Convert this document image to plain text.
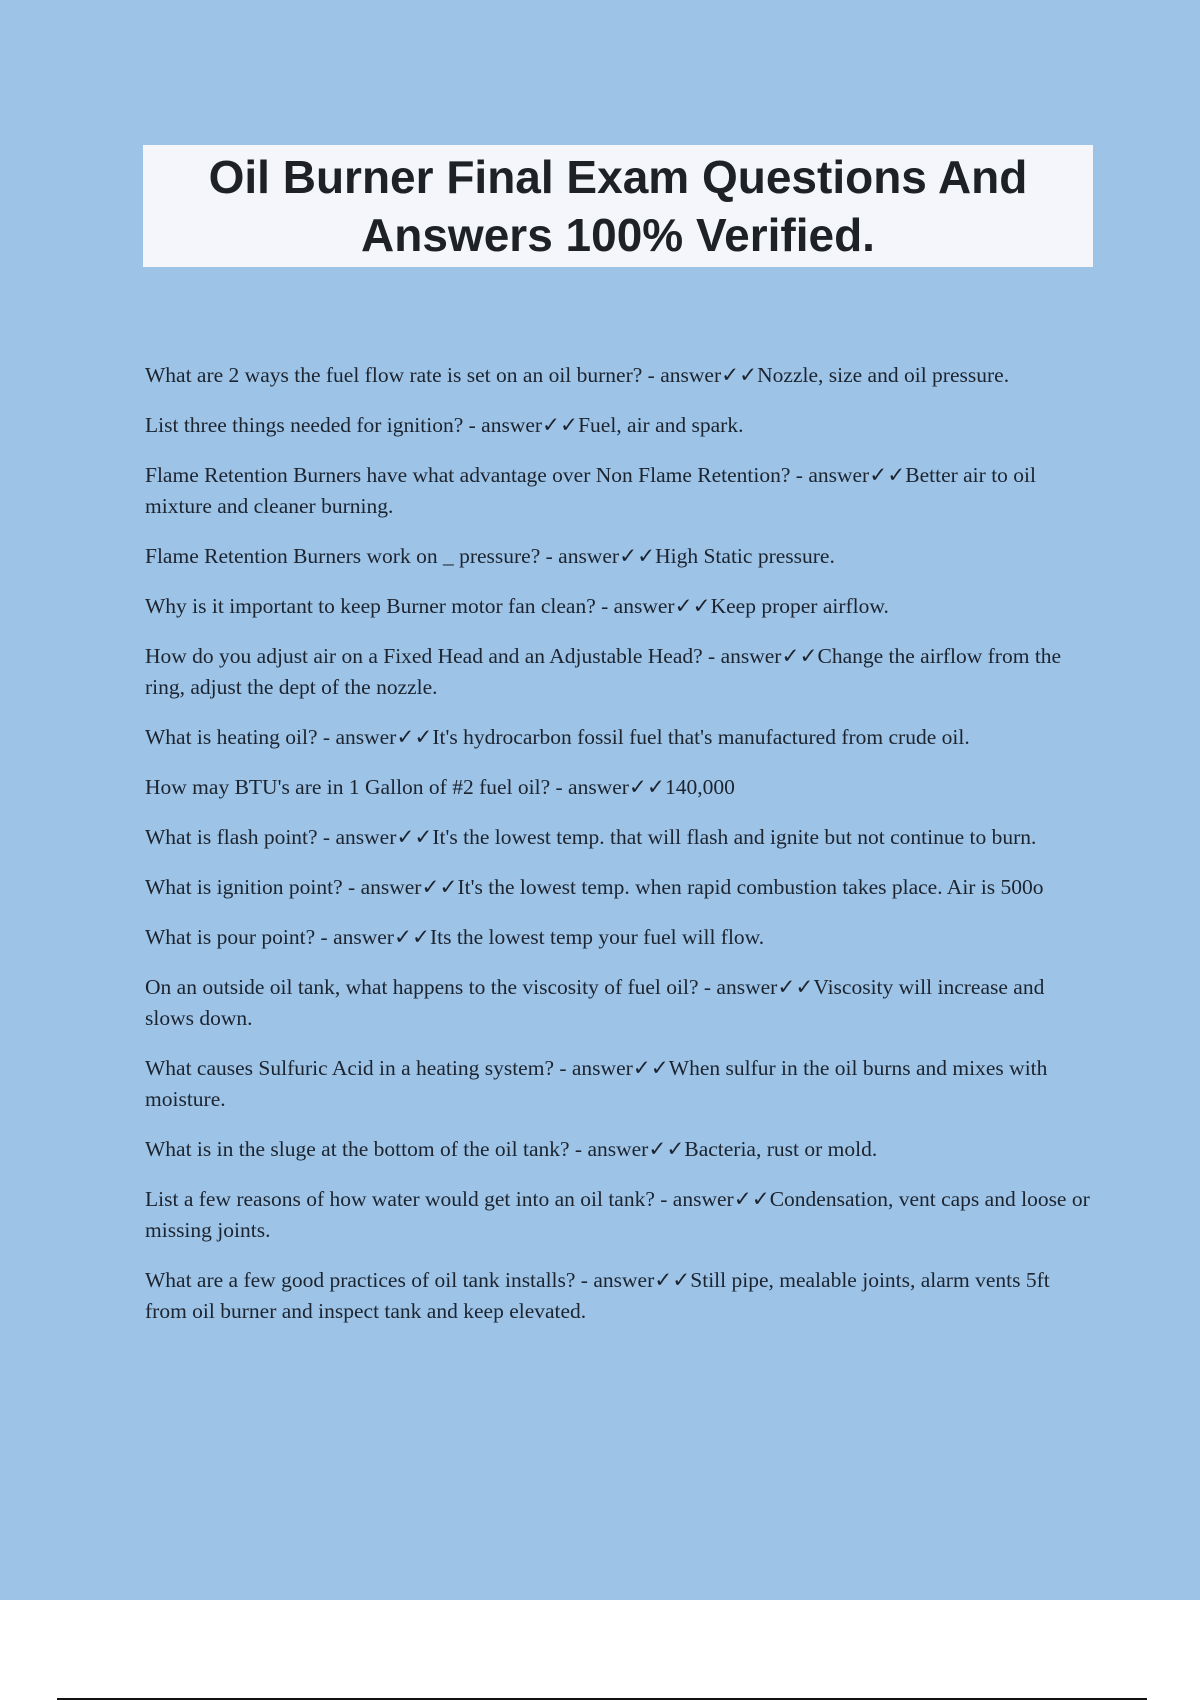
Oil Burner Final Exam Questions And Answers 100% Verified.
What are 2 ways the fuel flow rate is set on an oil burner? - answer✓✓Nozzle, size and oil pressure.
List three things needed for ignition? - answer✓✓Fuel, air and spark.
Flame Retention Burners have what advantage over Non Flame Retention? - answer✓✓Better air to oil mixture and cleaner burning.
Flame Retention Burners work on _ pressure? - answer✓✓High Static pressure.
Why is it important to keep Burner motor fan clean? - answer✓✓Keep proper airflow.
How do you adjust air on a Fixed Head and an Adjustable Head? - answer✓✓Change the airflow from the ring, adjust the dept of the nozzle.
What is heating oil? - answer✓✓It's hydrocarbon fossil fuel that's manufactured from crude oil.
How may BTU's are in 1 Gallon of #2 fuel oil? - answer✓✓140,000
What is flash point? - answer✓✓It's the lowest temp. that will flash and ignite but not continue to burn.
What is ignition point? - answer✓✓It's the lowest temp. when rapid combustion takes place. Air is 500o
What is pour point? - answer✓✓Its the lowest temp your fuel will flow.
On an outside oil tank, what happens to the viscosity of fuel oil? - answer✓✓Viscosity will increase and slows down.
What causes Sulfuric Acid in a heating system? - answer✓✓When sulfur in the oil burns and mixes with moisture.
What is in the sluge at the bottom of the oil tank? - answer✓✓Bacteria, rust or mold.
List a few reasons of how water would get into an oil tank? - answer✓✓Condensation, vent caps and loose or missing joints.
What are a few good practices of oil tank installs? - answer✓✓Still pipe, mealable joints, alarm vents 5ft from oil burner and inspect tank and keep elevated.
